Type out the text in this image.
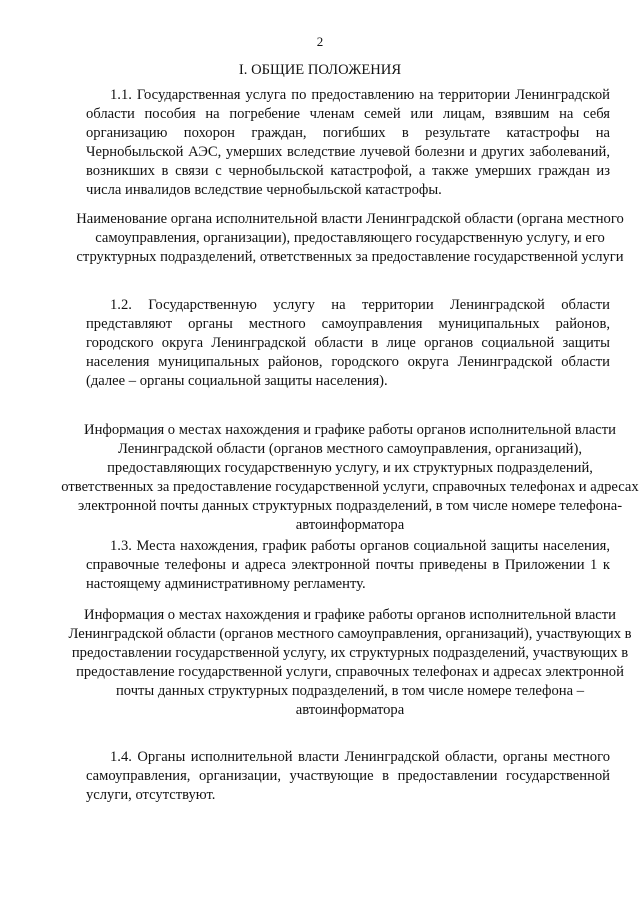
2
I. ОБЩИЕ ПОЛОЖЕНИЯ
1.1. Государственная услуга по предоставлению на территории Ленинградской области пособия на погребение членам семей или лицам, взявшим на себя организацию похорон граждан, погибших в результате катастрофы на Чернобыльской АЭС, умерших вследствие лучевой болезни и других заболеваний, возникших в связи с чернобыльской катастрофой, а также умерших граждан из числа инвалидов вследствие чернобыльской катастрофы.
Наименование органа исполнительной власти Ленинградской области (органа местного самоуправления, организации), предоставляющего государственную услугу, и его структурных подразделений, ответственных за предоставление государственной услуги
1.2. Государственную услугу на территории Ленинградской области представляют органы местного самоуправления муниципальных районов, городского округа Ленинградской области в лице органов социальной защиты населения муниципальных районов, городского округа Ленинградской области (далее – органы социальной защиты населения).
Информация о местах нахождения и графике работы органов исполнительной власти Ленинградской области (органов местного самоуправления, организаций), предоставляющих государственную услугу, и их структурных подразделений, ответственных за предоставление государственной услуги, справочных телефонах и адресах электронной почты данных структурных подразделений, в том числе номере телефона-автоинформатора
1.3. Места нахождения, график работы органов социальной защиты населения, справочные телефоны и адреса электронной почты приведены в Приложении 1 к настоящему административному регламенту.
Информация о местах нахождения и графике работы органов исполнительной власти Ленинградской области (органов местного самоуправления, организаций), участвующих в предоставлении государственной услугу, их структурных подразделений, участвующих в предоставление государственной услуги, справочных телефонах и адресах электронной почты данных структурных подразделений, в том числе номере телефона – автоинформатора
1.4. Органы исполнительной власти Ленинградской области, органы местного самоуправления, организации, участвующие в предоставлении государственной услуги, отсутствуют.
